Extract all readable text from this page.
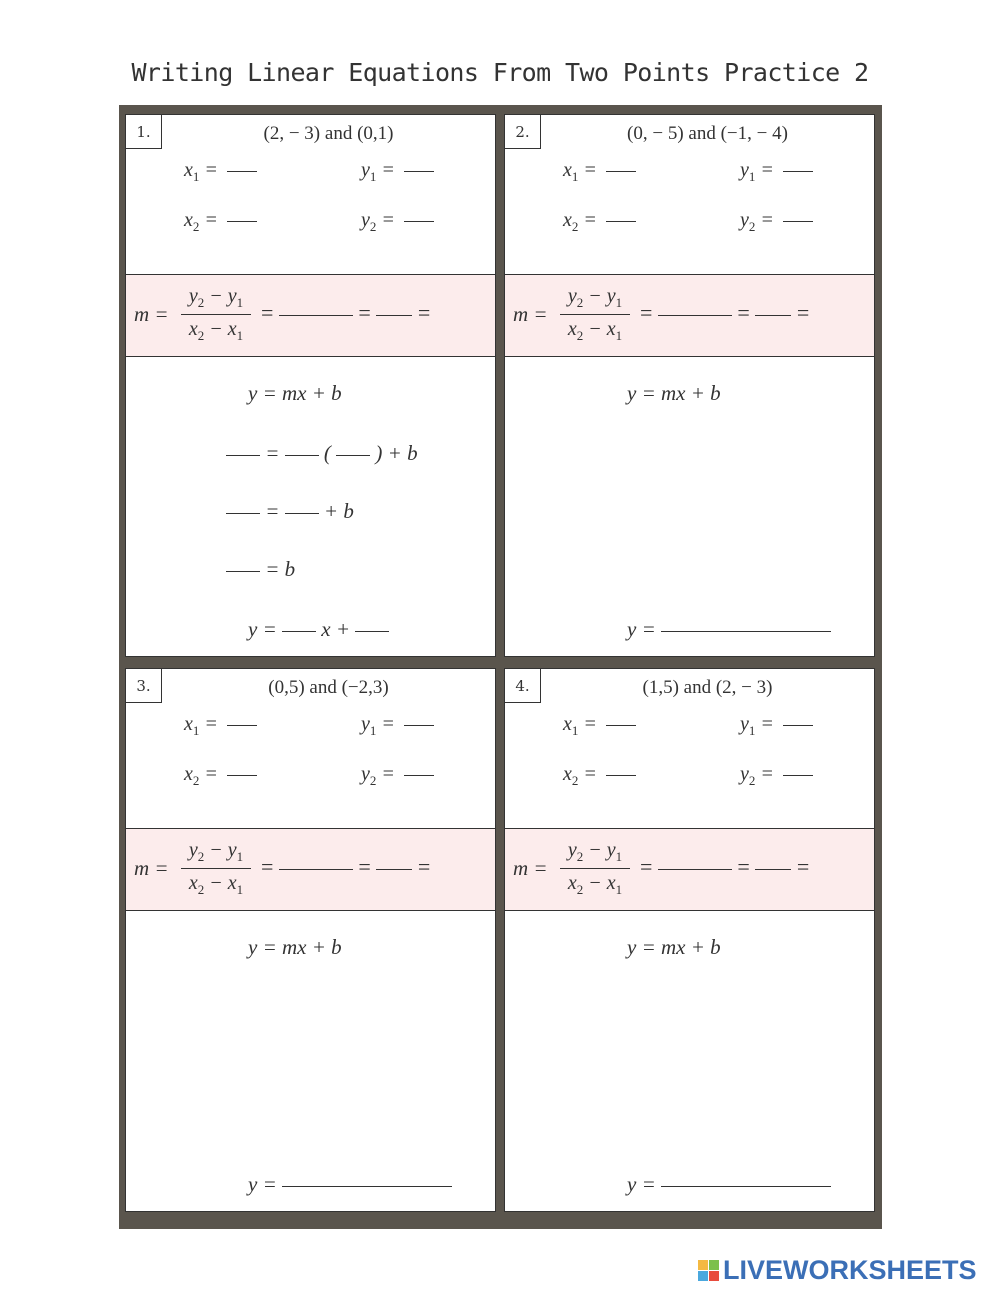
Writing Linear Equations From Two Points Practice 2
1.	(2, − 3) and (0,1)
$x_1$ =	$y_1$ =
$x_2$ =	$y_2$ =
$m = \frac{y_2 - y_1}{x_2 - x_1}$ =	=  =
y = mx + b
=  (  ) + b
=  + b
= b
y =  x +
2.	(0, − 5) and (−1, − 4)
$x_1$ =	$y_1$ =
$x_2$ =	$y_2$ =
$m = \frac{y_2 - y_1}{x_2 - x_1}$ =	=  =
y = mx + b
y =
3.	(0,5) and (−2,3)
$x_1$ =	$y_1$ =
$x_2$ =	$y_2$ =
$m = \frac{y_2 - y_1}{x_2 - x_1}$ =	=  =
y = mx + b
y =
4.	(1,5) and (2, − 3)
$x_1$ =	$y_1$ =
$x_2$ =	$y_2$ =
$m = \frac{y_2 - y_1}{x_2 - x_1}$ =	=  =
y = mx + b
y =
LIVEWORKSHEETS
